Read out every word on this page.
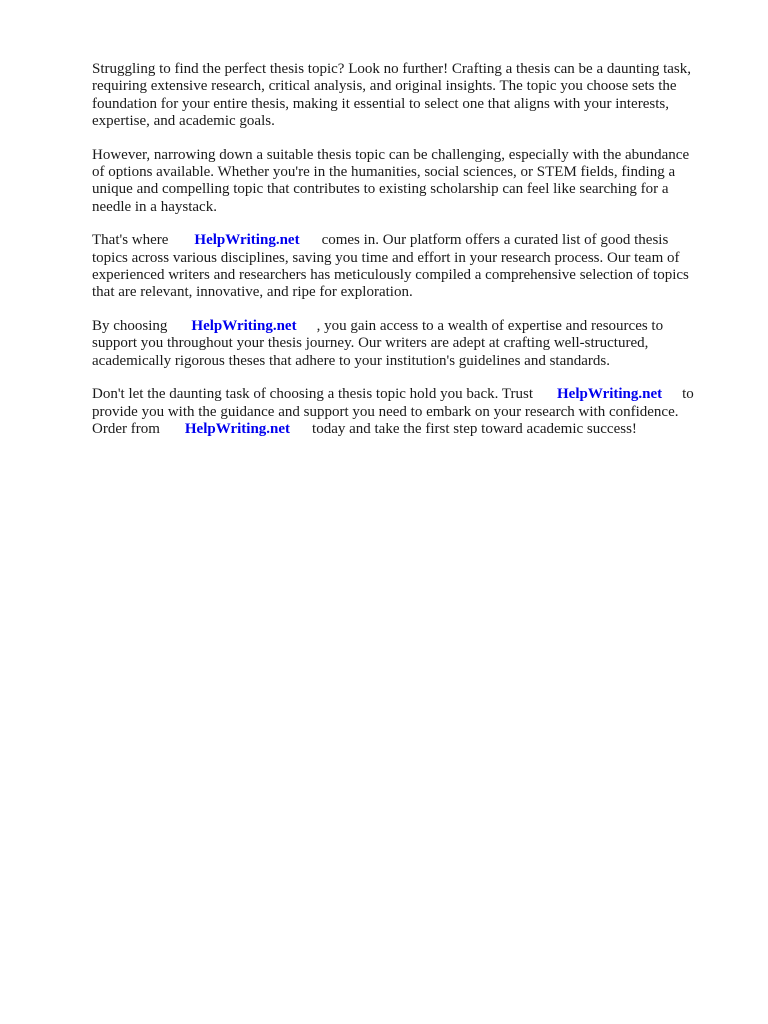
Struggling to find the perfect thesis topic? Look no further! Crafting a thesis can be a daunting task,
requiring extensive research, critical analysis, and original insights. The topic you choose sets the
foundation for your entire thesis, making it essential to select one that aligns with your interests,
expertise, and academic goals.

However, narrowing down a suitable thesis topic can be challenging, especially with the abundance
of options available. Whether you're in the humanities, social sciences, or STEM fields, finding a
unique and compelling topic that contributes to existing scholarship can feel like searching for a
needle in a haystack.

That's where HelpWriting.net comes in. Our platform offers a curated list of good thesis
topics across various disciplines, saving you time and effort in your research process. Our team of
experienced writers and researchers has meticulously compiled a comprehensive selection of topics
that are relevant, innovative, and ripe for exploration.

By choosing HelpWriting.net , you gain access to a wealth of expertise and resources to
support you throughout your thesis journey. Our writers are adept at crafting well-structured,
academically rigorous theses that adhere to your institution's guidelines and standards.

Don't let the daunting task of choosing a thesis topic hold you back. Trust HelpWriting.net to
provide you with the guidance and support you need to embark on your research with confidence.
Order from HelpWriting.net today and take the first step toward academic success!
